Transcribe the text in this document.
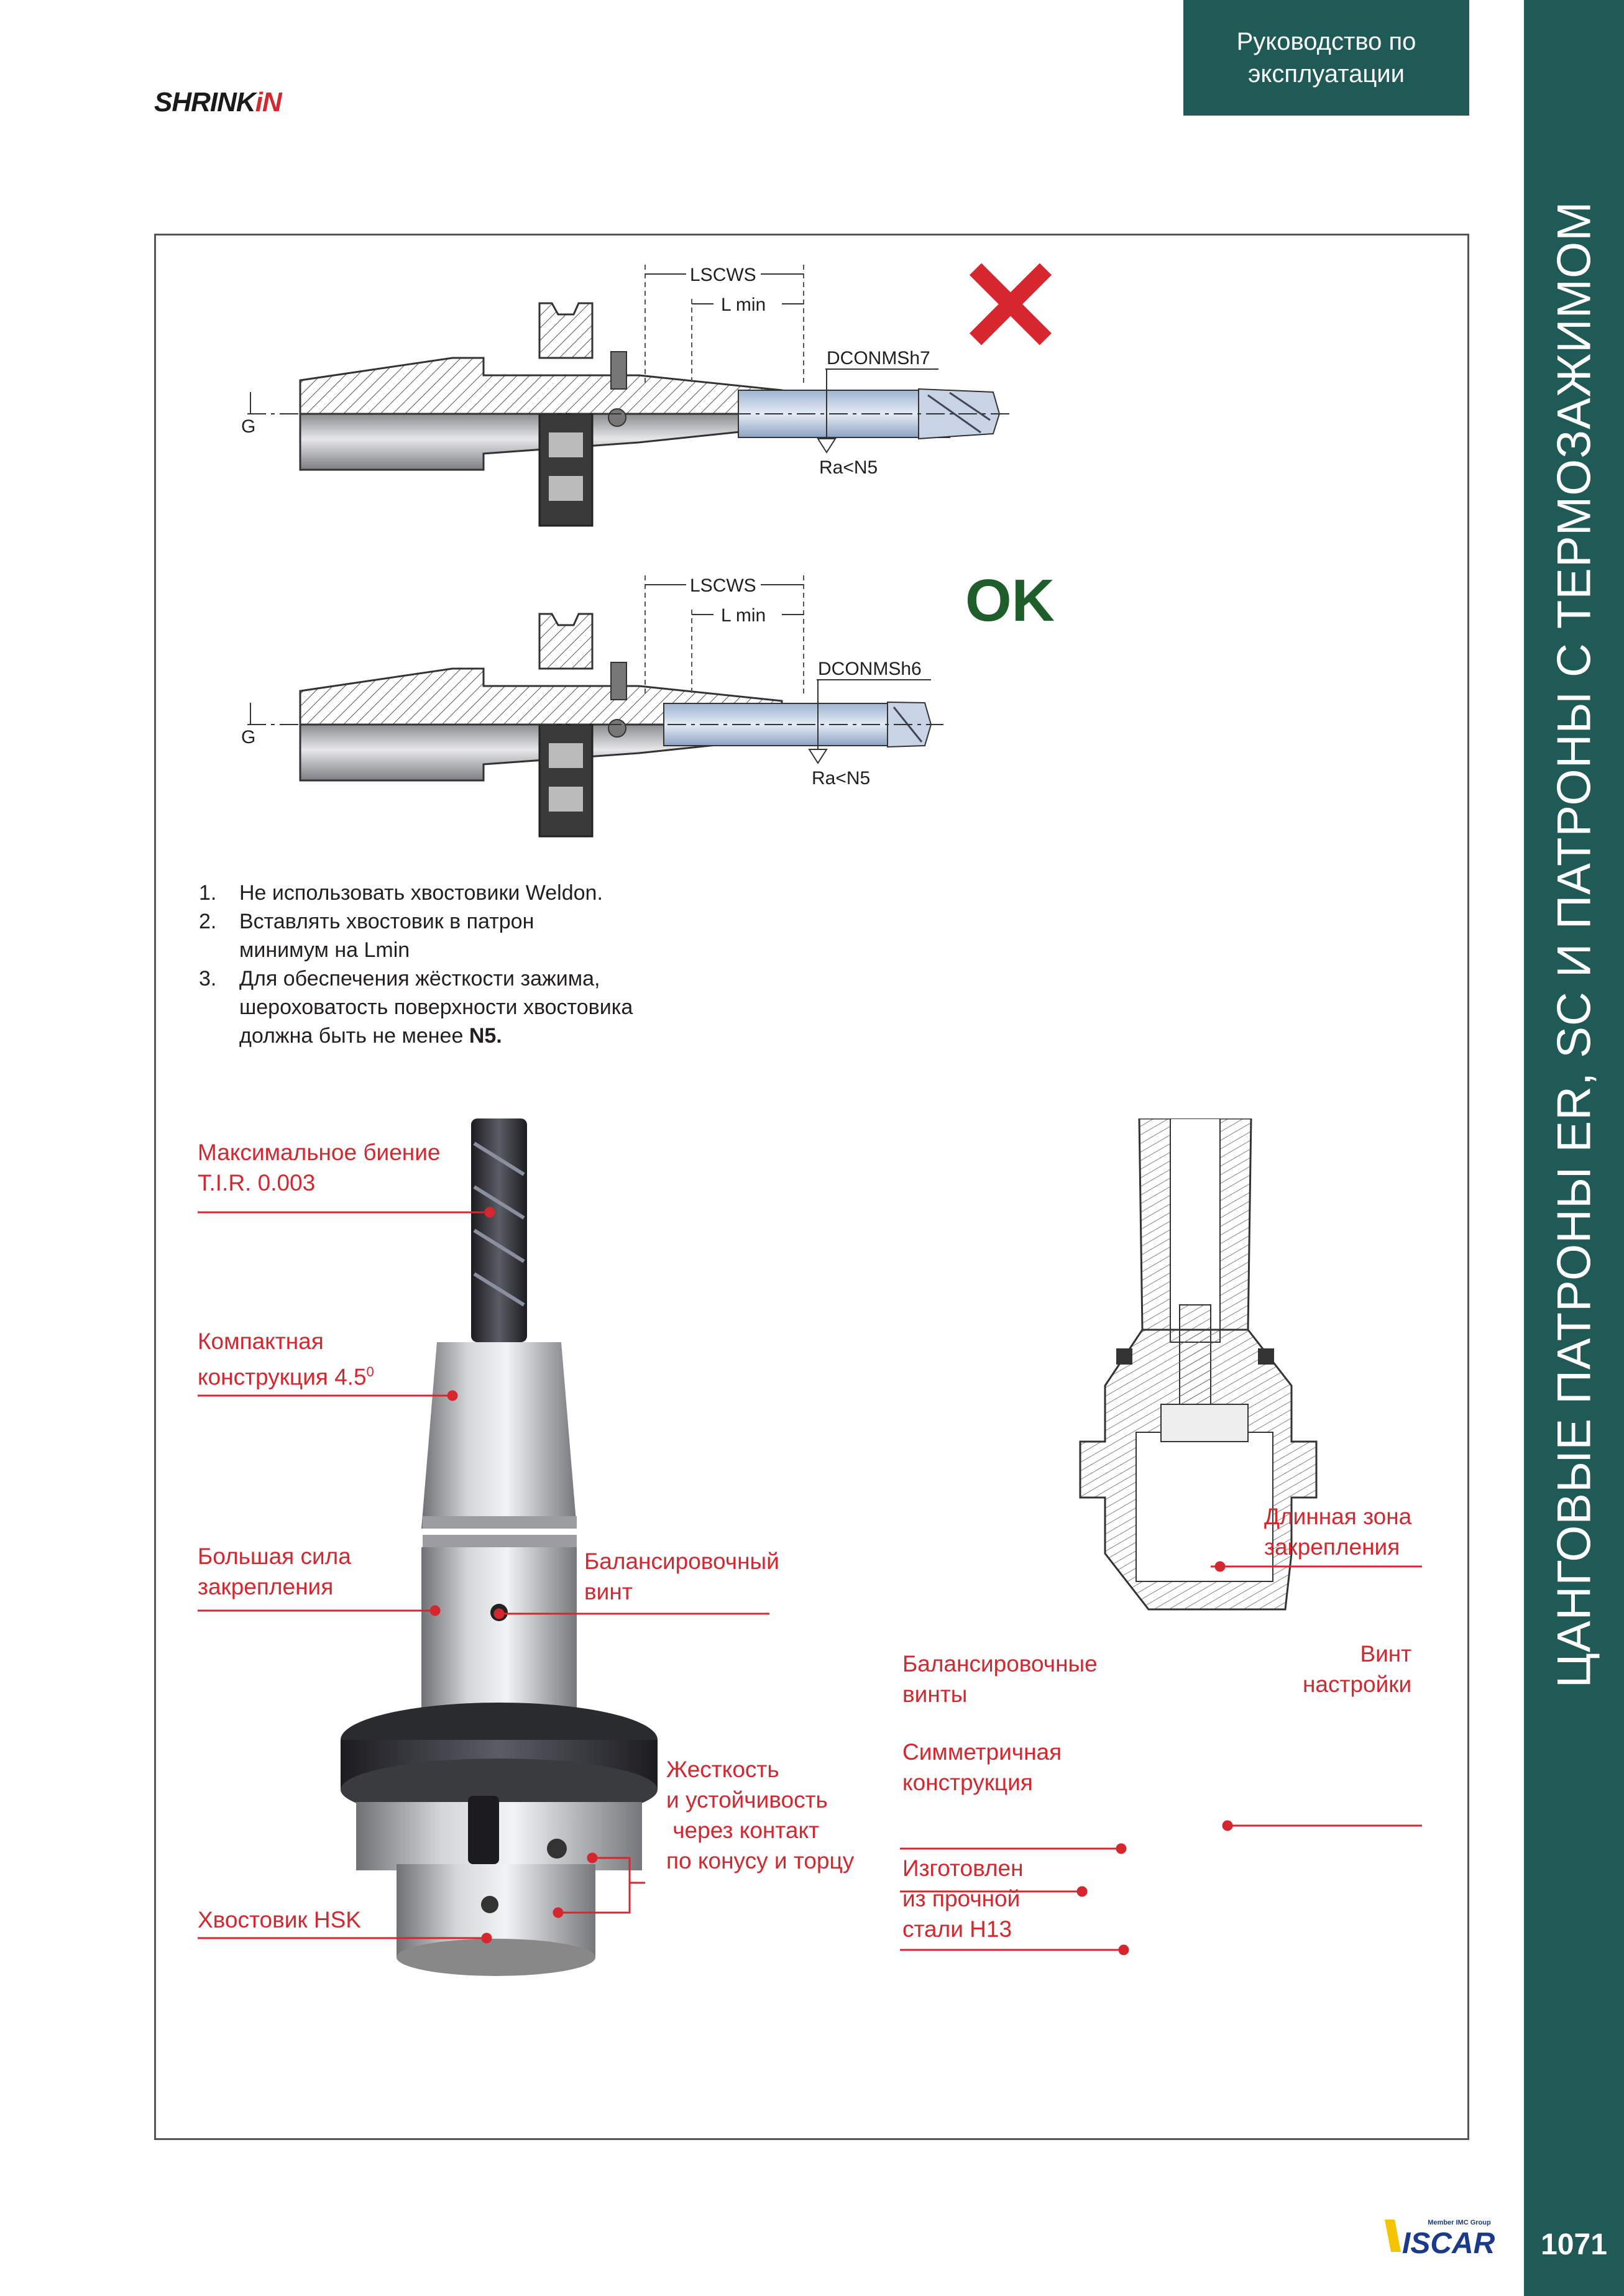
Руководство по
эксплуатации
SHRINKiN
ЦАНГОВЫЕ ПАТРОНЫ ER, SC И ПАТРОНЫ С ТЕРМОЗАЖИМОМ
1071
LSCWS
L min
DCONMSh7
G
Ra<N5
✕
LSCWS
L min
DCONMSh6
G
Ra<N5
OK
1.	Не использовать хвостовики Weldon.
2.	Вставлять хвостовик в патрон
минимум на Lmin
3.	Для обеспечения жёсткости зажима,
шероховатость поверхности хвостовика
должна быть не менее N5.
Максимальное биение
T.I.R. 0.003
Компактная
конструкция $4.5^0$
Большая сила
закрепления
Балансировочный
винт
Жесткость
и устойчивость
через контакт
по конусу и торцу
Хвостовик HSK
Длинная зона
закрепления
Винт
настройки
Балансировочные
винты
Симметричная
конструкция
Изготовлен
из прочной
стали H13
Member IMC Group
ISCAR
